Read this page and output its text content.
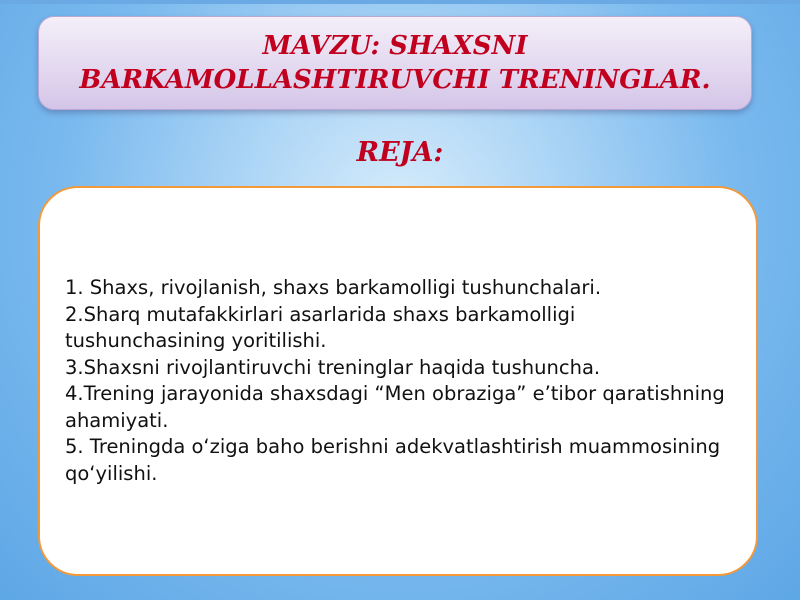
MAVZU: SHAXSNI BARKAMOLLASHTIRUVCHI TRENINGLAR.
REJA:
1. Shaxs, rivojlanish, shaxs barkamolligi tushunchalari.
2.Sharq mutafakkirlari asarlarida shaxs barkamolligi tushunchasining yoritilishi.
3.Shaxsni rivojlantiruvchi treninglar haqida tushuncha.
4.Trening jarayonida shaxsdagi “Men obraziga” e’tibor qaratishning ahamiyati.
5. Treningda o‘ziga baho berishni adekvatlashtirish muammosining qo‘yilishi.
